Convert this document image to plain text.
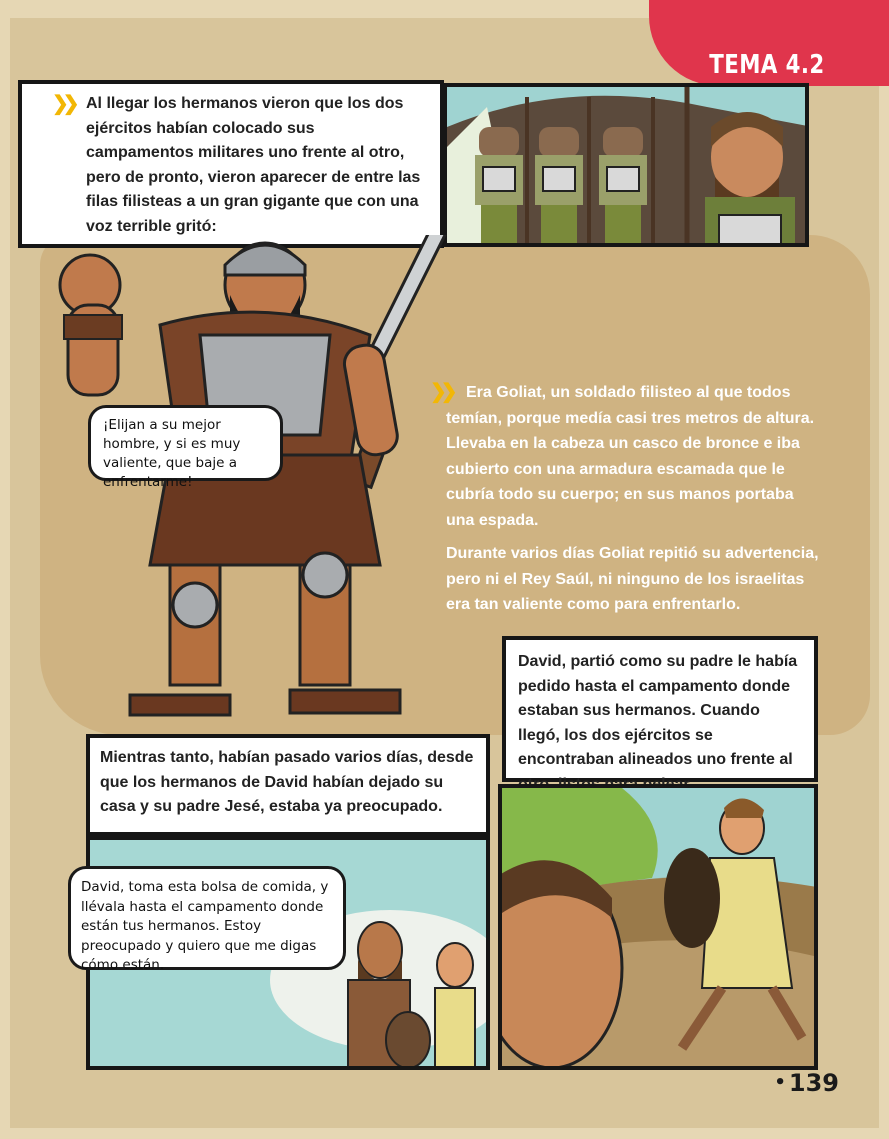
TEMA 4.2
❯❯ Al llegar los hermanos vieron que los dos ejércitos habían colocado sus campamentos militares uno frente al otro, pero de pronto, vieron aparecer de entre las filas filisteas a un gran gigante que con una voz terrible gritó:
¡Elijan a su mejor hombre, y si es muy valiente, que baje a enfrentarme!
❯❯ Era Goliat, un soldado filisteo al que todos temían, porque medía casi tres metros de altura. Llevaba en la cabeza un casco de bronce e iba cubierto con una armadura escamada que le cubría todo su cuerpo; en sus manos portaba una espada.
Durante varios días Goliat repitió su advertencia, pero ni el Rey Saúl, ni ninguno de los israelitas era tan valiente como para enfrentarlo.
David, partió como su padre le había pedido hasta el campamento donde estaban sus hermanos. Cuando llegó, los dos ejércitos se encontraban alineados uno frente al
Mientras tanto, habían pasado varios días, desde que los hermanos de David habían dejado su casa y su padre Jesé, estaba ya preocupado.
David, toma esta bolsa de comida, y llévala hasta el campamento donde están tus hermanos. Estoy preocupado y quiero que me digas cómo están.
• 139
